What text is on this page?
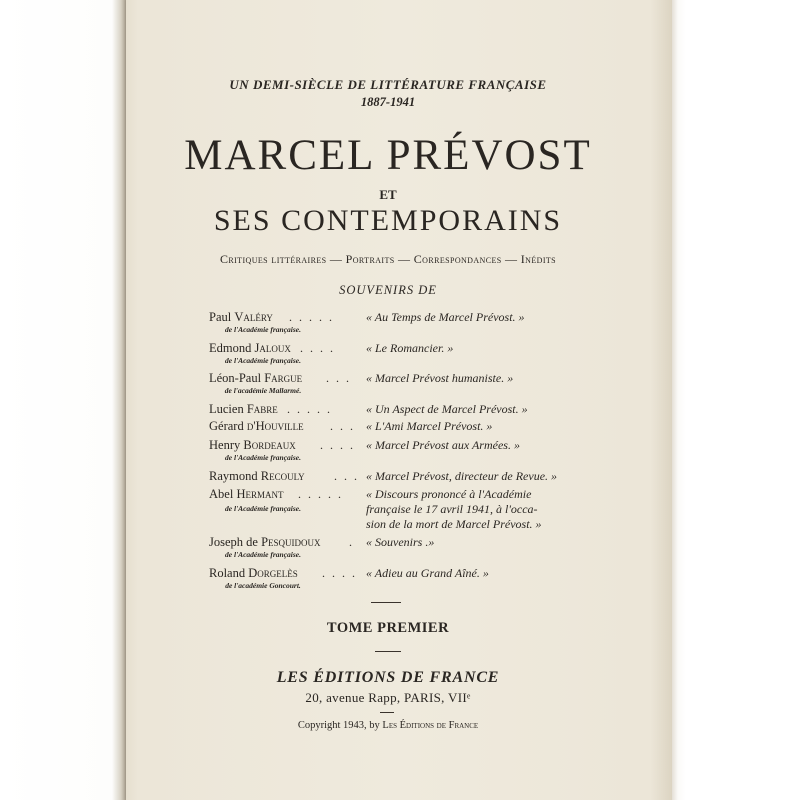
UN DEMI-SIÈCLE DE LITTÉRATURE FRANÇAISE
1887-1941
MARCEL PRÉVOST
ET
SES CONTEMPORAINS
Critiques littéraires — Portraits — Correspondances — Inédits
SOUVENIRS DE
Paul Valéry . . . . .
de l'Académie française.
« Au Temps de Marcel Prévost. »
Edmond Jaloux . . . .
de l'Académie française.
« Le Romancier. »
Léon-Paul Fargue . . .
de l'académie Mallarmé.
« Marcel Prévost humaniste. »
Lucien Fabre . . . . .	« Un Aspect de Marcel Prévost. »
Gérard d'Houville . . . « L'Ami Marcel Prévost. »
Henry Bordeaux . . . .
de l'Académie française.
« Marcel Prévost aux Armées. »
Raymond Recouly . . . « Marcel Prévost, directeur de Revue. »
Abel Hermant . . . . .
de l'Académie française.
« Discours prononcé à l'Académie
française le 17 avril 1941, à l'occa-
sion de la mort de Marcel Prévost. »
Joseph de Pesquidoux .
de l'Académie française.
« Souvenirs .»
Roland Dorgelès . . . .
de l'académie Goncourt.
« Adieu au Grand Aîné. »
TOME PREMIER
LES ÉDITIONS DE FRANCE
20, avenue Rapp, PARIS, VIIᵉ
Copyright 1943, by Les Éditions de France
